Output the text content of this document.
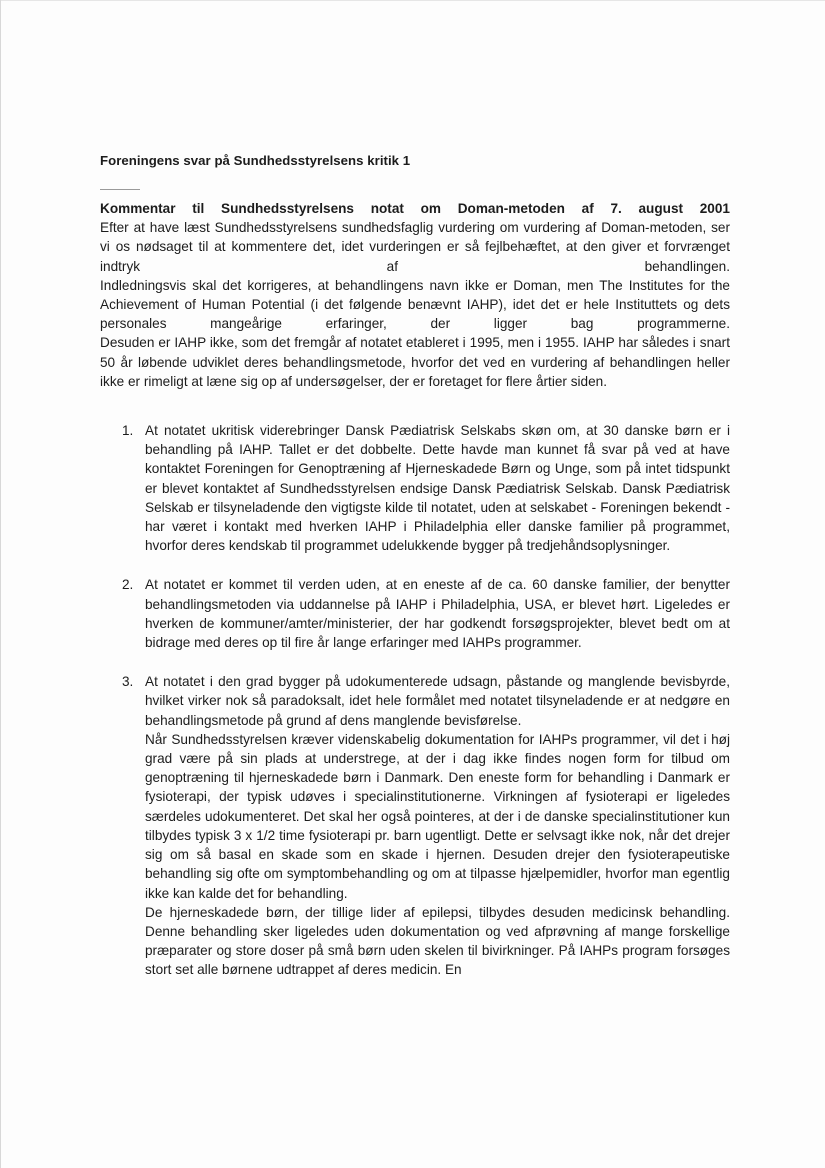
Foreningens svar på Sundhedsstyrelsens kritik 1
Kommentar til Sundhedsstyrelsens notat om Doman-metoden af 7. august 2001

Efter at have læst Sundhedsstyrelsens sundhedsfaglig vurdering om vurdering af Doman-metoden, ser vi os nødsaget til at kommentere det, idet vurderingen er så fejlbehæftet, at den giver et forvrænget indtryk af behandlingen.

Indledningsvis skal det korrigeres, at behandlingens navn ikke er Doman, men The Institutes for the Achievement of Human Potential (i det følgende benævnt IAHP), idet det er hele Instituttets og dets personales mangeårige erfaringer, der ligger bag programmerne.

Desuden er IAHP ikke, som det fremgår af notatet etableret i 1995, men i 1955. IAHP har således i snart 50 år løbende udviklet deres behandlingsmetode, hvorfor det ved en vurdering af behandlingen heller ikke er rimeligt at læne sig op af undersøgelser, der er foretaget for flere årtier siden.

1. At notatet ukritisk viderebringer Dansk Pædiatrisk Selskabs skøn om, at 30 danske børn er i behandling på IAHP. Tallet er det dobbelte. Dette havde man kunnet få svar på ved at have kontaktet Foreningen for Genoptræning af Hjerneskadede Børn og Unge, som på intet tidspunkt er blevet kontaktet af Sundhedsstyrelsen endsige Dansk Pædiatrisk Selskab. Dansk Pædiatrisk Selskab er tilsyneladende den vigtigste kilde til notatet, uden at selskabet - Foreningen bekendt - har været i kontakt med hverken IAHP i Philadelphia eller danske familier på programmet, hvorfor deres kendskab til programmet udelukkende bygger på tredjehåndsoplysninger.

2. At notatet er kommet til verden uden, at en eneste af de ca. 60 danske familier, der benytter behandlingsmetoden via uddannelse på IAHP i Philadelphia, USA, er blevet hørt. Ligeledes er hverken de kommuner/amter/ministerier, der har godkendt forsøgsprojekter, blevet bedt om at bidrage med deres op til fire år lange erfaringer med IAHPs programmer.

3. At notatet i den grad bygger på udokumenterede udsagn, påstande og manglende bevisbyrde, hvilket virker nok så paradoksalt, idet hele formålet med notatet tilsyneladende er at nedgøre en behandlingsmetode på grund af dens manglende bevisførelse.

Når Sundhedsstyrelsen kræver videnskabelig dokumentation for IAHPs programmer, vil det i høj grad være på sin plads at understrege, at der i dag ikke findes nogen form for tilbud om genoptræning til hjerneskadede børn i Danmark. Den eneste form for behandling i Danmark er fysioterapi, der typisk udøves i specialinstitutionerne. Virkningen af fysioterapi er ligeledes særdeles udokumenteret. Det skal her også pointeres, at der i de danske specialinstitutioner kun tilbydes typisk 3 x 1/2 time fysioterapi pr. barn ugentligt. Dette er selvsagt ikke nok, når det drejer sig om så basal en skade som en skade i hjernen. Desuden drejer den fysioterapeutiske behandling sig ofte om symptombehandling og om at tilpasse hjælpemidler, hvorfor man egentlig ikke kan kalde det for behandling.

De hjerneskadede børn, der tillige lider af epilepsi, tilbydes desuden medicinsk behandling. Denne behandling sker ligeledes uden dokumentation og ved afprøvning af mange forskellige præparater og store doser på små børn uden skelen til bivirkninger. På IAHPs program forsøges stort set alle børnene udtrappet af deres medicin. En
